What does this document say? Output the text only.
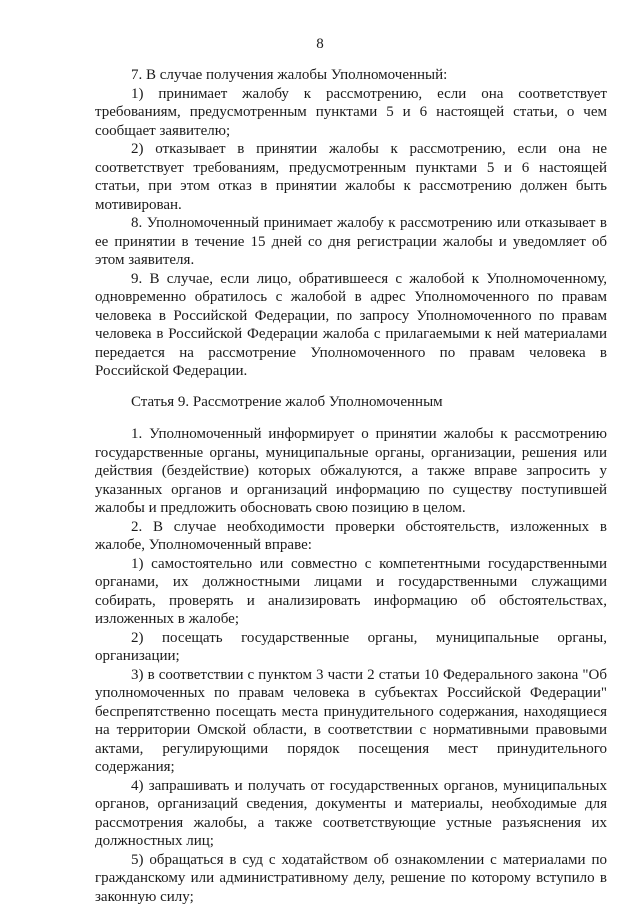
8

7. В случае получения жалобы Уполномоченный:

1) принимает жалобу к рассмотрению, если она соответствует требованиям, предусмотренным пунктами 5 и 6 настоящей статьи, о чем сообщает заявителю;

2) отказывает в принятии жалобы к рассмотрению, если она не соответствует требованиям, предусмотренным пунктами 5 и 6 настоящей статьи, при этом отказ в принятии жалобы к рассмотрению должен быть мотивирован.

8. Уполномоченный принимает жалобу к рассмотрению или отказывает в ее принятии в течение 15 дней со дня регистрации жалобы и уведомляет об этом заявителя.

9. В случае, если лицо, обратившееся с жалобой к Уполномоченному, одновременно обратилось с жалобой в адрес Уполномоченного по правам человека в Российской Федерации, по запросу Уполномоченного по правам человека в Российской Федерации жалоба с прилагаемыми к ней материалами передается на рассмотрение Уполномоченного по правам человека в Российской Федерации.

Статья 9. Рассмотрение жалоб Уполномоченным

1. Уполномоченный информирует о принятии жалобы к рассмотрению государственные органы, муниципальные органы, организации, решения или действия (бездействие) которых обжалуются, а также вправе запросить у указанных органов и организаций информацию по существу поступившей жалобы и предложить обосновать свою позицию в целом.

2. В случае необходимости проверки обстоятельств, изложенных в жалобе, Уполномоченный вправе:

1) самостоятельно или совместно с компетентными государственными органами, их должностными лицами и государственными служащими собирать, проверять и анализировать информацию об обстоятельствах, изложенных в жалобе;

2) посещать государственные органы, муниципальные органы, организации;

3) в соответствии с пунктом 3 части 2 статьи 10 Федерального закона "Об уполномоченных по правам человека в субъектах Российской Федерации" беспрепятственно посещать места принудительного содержания, находящиеся на территории Омской области, в соответствии с нормативными правовыми актами, регулирующими порядок посещения мест принудительного содержания;

4) запрашивать и получать от государственных органов, муниципальных органов, организаций сведения, документы и материалы, необходимые для рассмотрения жалобы, а также соответствующие устные разъяснения их должностных лиц;

5) обращаться в суд с ходатайством об ознакомлении с материалами по гражданскому или административному делу, решение по которому вступило в законную силу;
